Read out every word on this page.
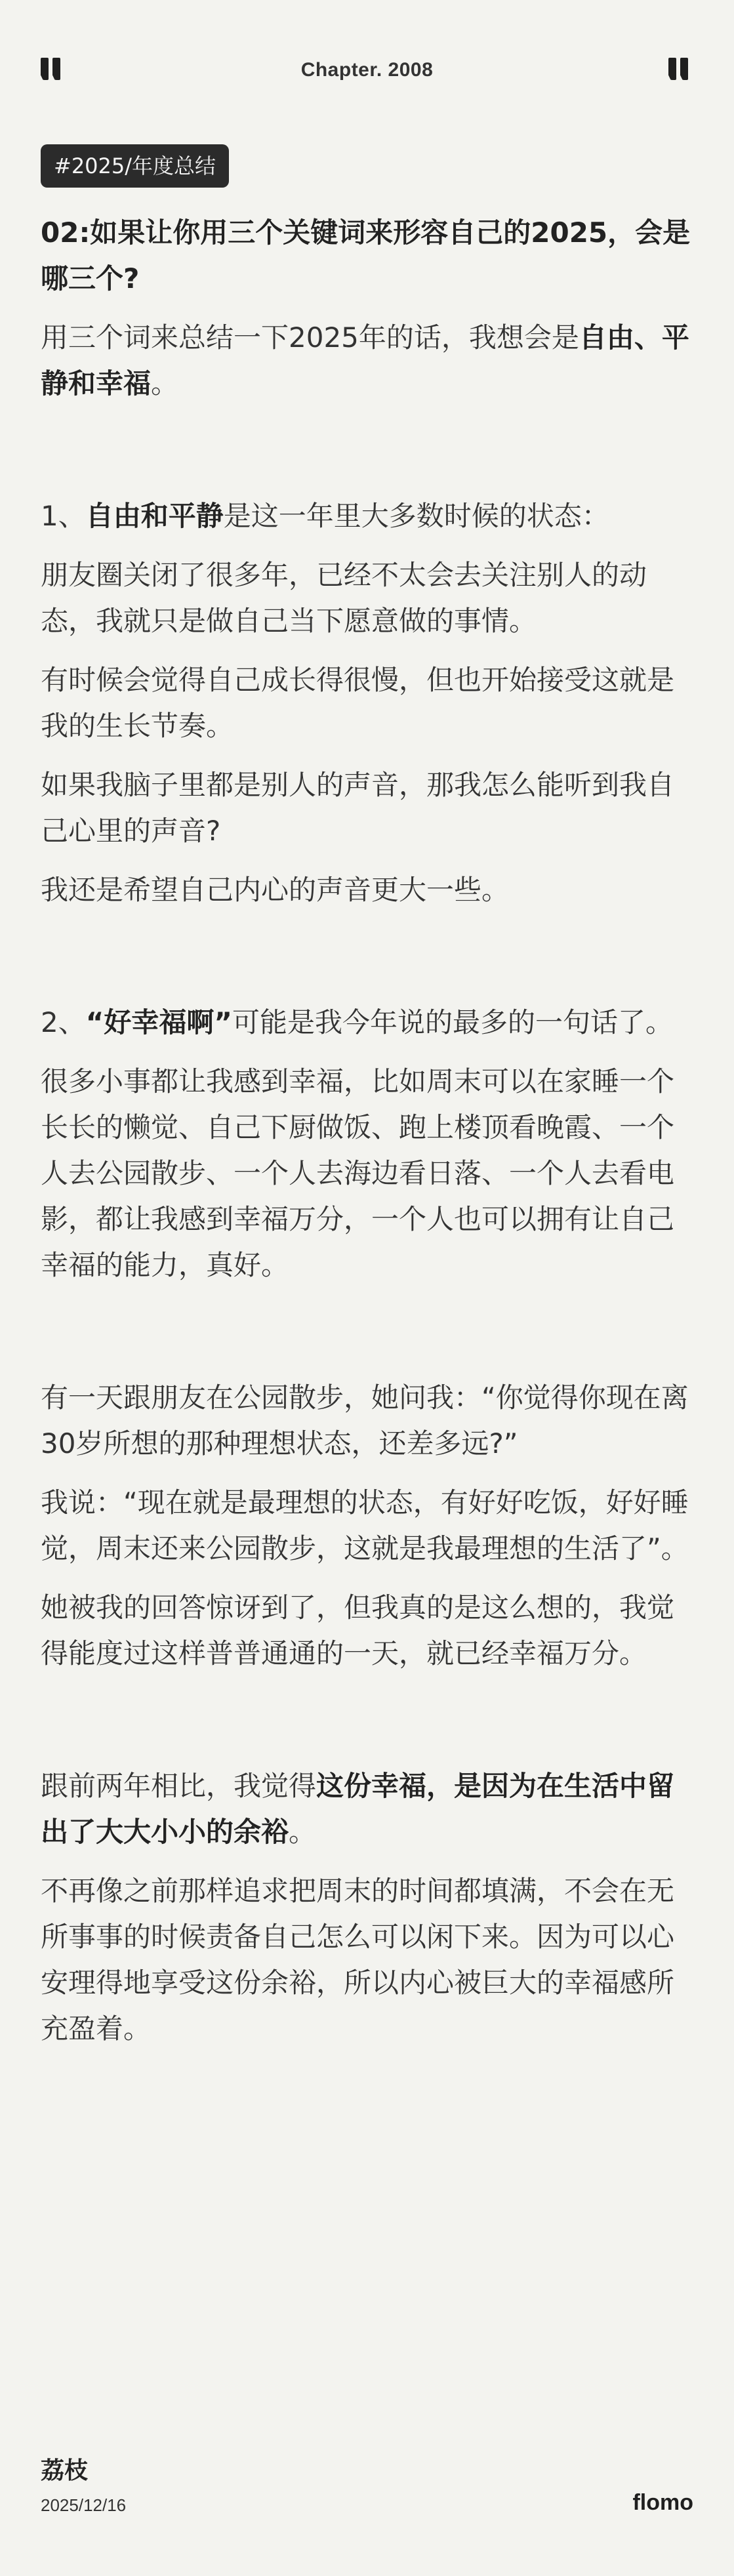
Chapter. 2008
#2025/年度总结

02:如果让你用三个关键词来形容自己的2025，会是哪三个?

用三个词来总结一下2025年的话，我想会是自由、平静和幸福。

1、自由和平静是这一年里大多数时候的状态：

朋友圈关闭了很多年，已经不太会去关注别人的动态，我就只是做自己当下愿意做的事情。

有时候会觉得自己成长得很慢，但也开始接受这就是我的生长节奏。

如果我脑子里都是别人的声音，那我怎么能听到我自己心里的声音?

我还是希望自己内心的声音更大一些。

2、“好幸福啊”可能是我今年说的最多的一句话了。

很多小事都让我感到幸福，比如周末可以在家睡一个长长的懒觉、自己下厨做饭、跑上楼顶看晚霞、一个人去公园散步、一个人去海边看日落、一个人去看电影，都让我感到幸福万分，一个人也可以拥有让自己幸福的能力，真好。

有一天跟朋友在公园散步，她问我：“你觉得你现在离30岁所想的那种理想状态，还差多远?”

我说：“现在就是最理想的状态，有好好吃饭，好好睡觉，周末还来公园散步，这就是我最理想的生活了”。

她被我的回答惊讶到了，但我真的是这么想的，我觉得能度过这样普普通通的一天，就已经幸福万分。

跟前两年相比，我觉得这份幸福，是因为在生活中留出了大大小小的余裕。

不再像之前那样追求把周末的时间都填满，不会在无所事事的时候责备自己怎么可以闲下来。因为可以心安理得地享受这份余裕，所以内心被巨大的幸福感所充盈着。

荔枝
2025/12/16	flomo
